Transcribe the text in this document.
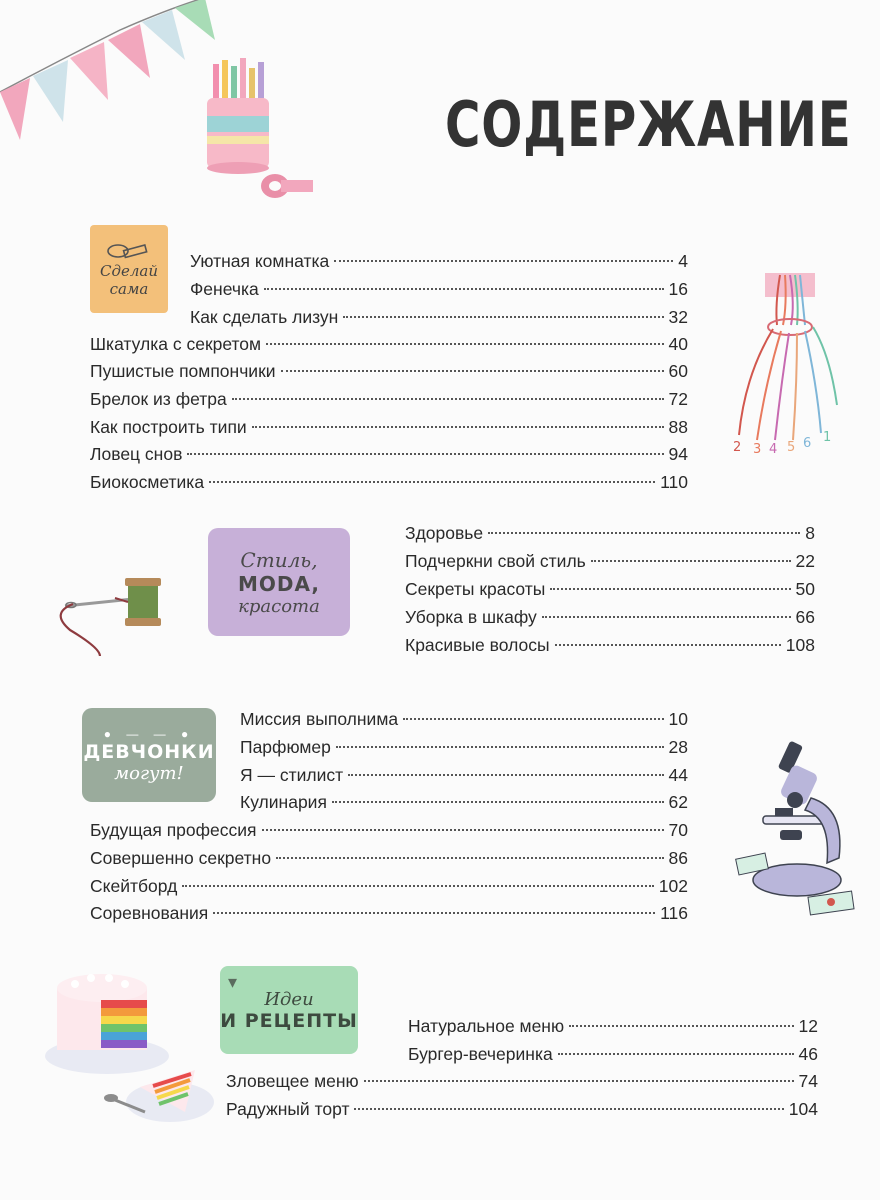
СОДЕРЖАНИЕ
Сделай
сама
Стиль,
MODA,
красота
● — — ●
ДЕВЧОНКИ
могут!
▾
Идеи
И РЕЦЕПТЫ
Уютная комнатка	4
Фенечка	16
Как сделать лизун	32
Шкатулка с секретом	40
Пушистые помпончики	60
Брелок из фетра	72
Как построить типи	88
Ловец снов	94
Биокосметика	110
2 3 4 5 6 1
Здоровье	8
Подчеркни свой стиль	22
Секреты красоты	50
Уборка в шкафу	66
Красивые волосы	108
Миссия выполнима	10
Парфюмер	28
Я — стилист	44
Кулинария	62
Будущая профессия	70
Совершенно секретно	86
Скейтборд	102
Соревнования	116
Натуральное меню	12
Бургер-вечеринка	46
Зловещее меню	74
Радужный торт	104
